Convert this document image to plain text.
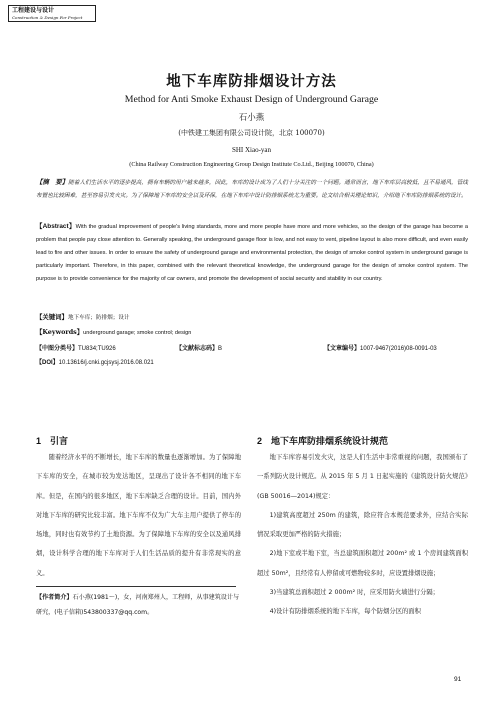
工程建设与设计
Construction & Design For Project
地下车库防排烟设计方法
Method for Anti Smoke Exhaust Design of Underground Garage
石小燕
(中铁建工集团有限公司设计院，北京 100070)
SHI Xiao-yan
(China Railway Construction Engineering Group Design Institute Co.Ltd., Beijing 100070, China)
【摘　要】随着人们生活水平的逐步提高，拥有车辆的用户越来越多，因此，车库的设计成为了人们十分关注的一个问题。通常而言，地下车库层高较低，且不易通风，管线布置也比较困难，甚至容易引发火灾。为了保障地下车库的安全以及环保，在地下车库中设计防排烟系统尤为重要。论文结合相关理论知识，介绍地下车库防排烟系统的设计。
【Abstract】With the gradual improvement of people's living standards, more and more people have more and more vehicles, so the design of the garage has become a problem that people pay close attention to. Generally speaking, the underground garage floor is low, and not easy to vent, pipeline layout is also more difficult, and even easily lead to fire and other issues. In order to ensure the safety of underground garage and environmental protection, the design of smoke control system in underground garage is particularly important. Therefore, in this paper, combined with the relevant theoretical knowledge, the underground garage for the design of smoke control system. The purpose is to provide convenience for the majority of car owners, and promote the development of social security and stability in our country.
【关键词】地下车库；防排烟；设计
【Keywords】underground garage; smoke control; design
【中图分类号】TU834;TU926	【文献标志码】B	【文章编号】1007-9467(2016)08-0091-03
【DOI】10.13616/j.cnki.gcjsysj.2016.08.021
1　引言

随着经济水平的不断增长，地下车库的数量也逐渐增加。为了保障地下车库的安全，在城市较为发达地区，呈现出了设计各不相同的地下车库。但是，在国内的很多地区，地下车库缺乏合理的设计。目前，国内外对地下车库的研究比较丰富。地下车库不仅为广大车主用户提供了停车的场地，同时也有效节约了土地资源。为了保障地下车库的安全以及通风排烟，设计科学合理的地下车库对于人们生活品质的提升有非常现实的意义。

【作者简介】石小燕(1981～)，女，河南郑州人，工程师，从事建筑设计与研究，(电子信箱)543800337@qq.com。
2　地下车库防排烟系统设计规范

地下车库容易引发火灾，这是人们生活中非常重视的问题，我国颁布了一系列防火设计规范。从 2015 年 5 月 1 日起实施的《建筑设计防火规范》(GB 50016—2014)规定：

1)建筑高度超过 250m 的建筑，除应符合本规范要求外，应结合实际情况采取更加严格的防火措施；

2)地下室或半地下室，当总建筑面积超过 200m² 或 1 个房间建筑面积超过 50m²，且经常有人停留或可燃物较多时，应设置排烟设施；

3)当建筑总面积超过 2 000m² 时，应采用防火墙进行分隔；

4)设计有防排烟系统的地下车库，每个防烟分区的面积

91
